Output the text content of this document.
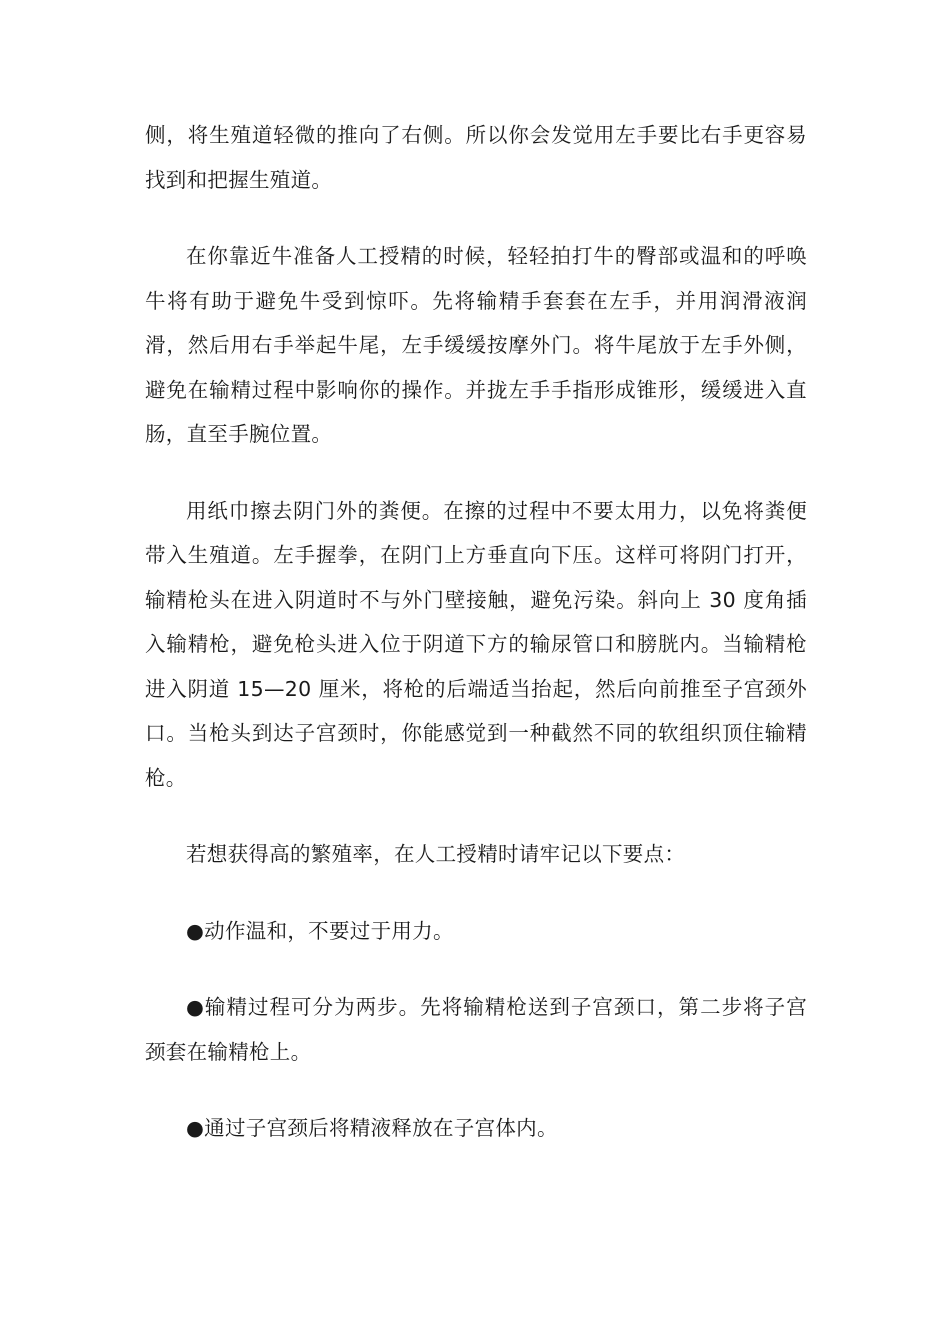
侧，将生殖道轻微的推向了右侧。所以你会发觉用左手要比右手更容易找到和把握生殖道。

在你靠近牛准备人工授精的时候，轻轻拍打牛的臀部或温和的呼唤牛将有助于避免牛受到惊吓。先将输精手套套在左手，并用润滑液润滑，然后用右手举起牛尾，左手缓缓按摩外门。将牛尾放于左手外侧，避免在输精过程中影响你的操作。并拢左手手指形成锥形，缓缓进入直肠，直至手腕位置。

用纸巾擦去阴门外的粪便。在擦的过程中不要太用力，以免将粪便带入生殖道。左手握拳，在阴门上方垂直向下压。这样可将阴门打开，输精枪头在进入阴道时不与外门壁接触，避免污染。斜向上 30 度角插入输精枪，避免枪头进入位于阴道下方的输尿管口和膀胱内。当输精枪进入阴道 15—20 厘米，将枪的后端适当抬起，然后向前推至子宫颈外口。当枪头到达子宫颈时，你能感觉到一种截然不同的软组织顶住输精枪。

若想获得高的繁殖率，在人工授精时请牢记以下要点：

●动作温和，不要过于用力。

●输精过程可分为两步。先将输精枪送到子宫颈口，第二步将子宫颈套在输精枪上。

●通过子宫颈后将精液释放在子宫体内。
